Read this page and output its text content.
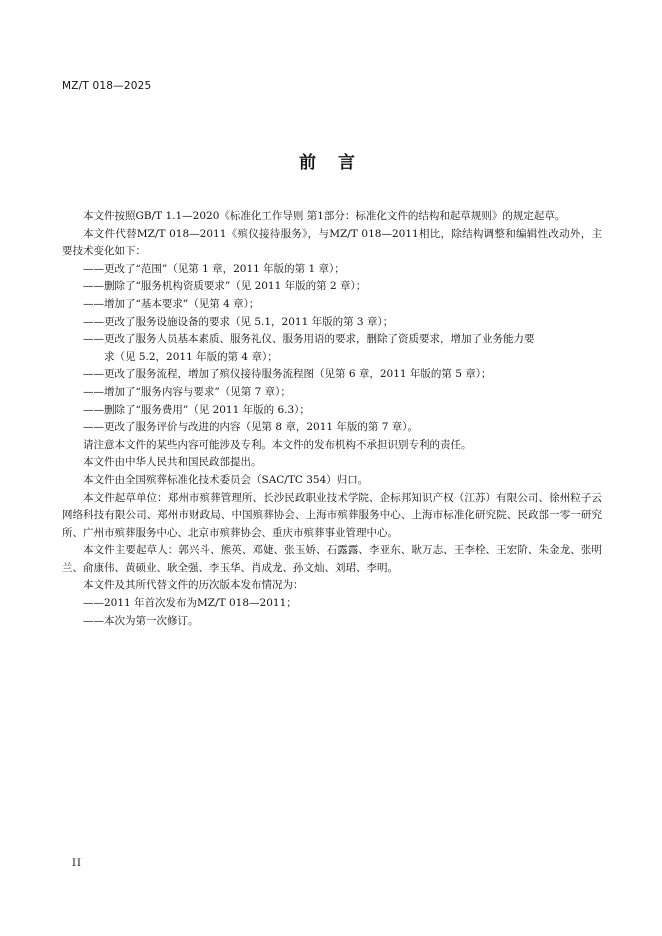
MZ/T 018—2025
前 言

本文件按照GB/T 1.1—2020《标准化工作导则 第1部分：标准化文件的结构和起草规则》的规定起草。

本文件代替MZ/T 018—2011《殡仪接待服务》，与MZ/T 018—2011相比，除结构调整和编辑性改动外，主要技术变化如下：

——更改了“范围”（见第 1 章，2011 年版的第 1 章）；

——删除了“服务机构资质要求”（见 2011 年版的第 2 章）；

——增加了“基本要求”（见第 4 章）；

——更改了服务设施设备的要求（见 5.1，2011 年版的第 3 章）；

——更改了服务人员基本素质、服务礼仪、服务用语的要求，删除了资质要求，增加了业务能力要
求（见 5.2，2011 年版的第 4 章）；

——更改了服务流程，增加了殡仪接待服务流程图（见第 6 章，2011 年版的第 5 章）；

——增加了“服务内容与要求”（见第 7 章）；

——删除了“服务费用”（见 2011 年版的 6.3）；

——更改了服务评价与改进的内容（见第 8 章，2011 年版的第 7 章）。

请注意本文件的某些内容可能涉及专利。本文件的发布机构不承担识别专利的责任。

本文件由中华人民共和国民政部提出。

本文件由全国殡葬标准化技术委员会（SAC/TC 354）归口。

本文件起草单位：郑州市殡葬管理所、长沙民政职业技术学院、企标邦知识产权（江苏）有限公司、徐州粒子云网络科技有限公司、郑州市财政局、中国殡葬协会、上海市殡葬服务中心、上海市标准化研究院、民政部一零一研究所、广州市殡葬服务中心、北京市殡葬协会、重庆市殡葬事业管理中心。

本文件主要起草人：郭兴斗、熊英、邓婕、张玉娇、石露露、李亚东、耿万志、王李栓、王宏阶、朱金龙、张明兰、俞康伟、黄硕业、耿全强、李玉华、肖成龙、孙文灿、刘珺、李明。

本文件及其所代替文件的历次版本发布情况为：

——2011 年首次发布为MZ/T 018—2011；

——本次为第一次修订。

II
